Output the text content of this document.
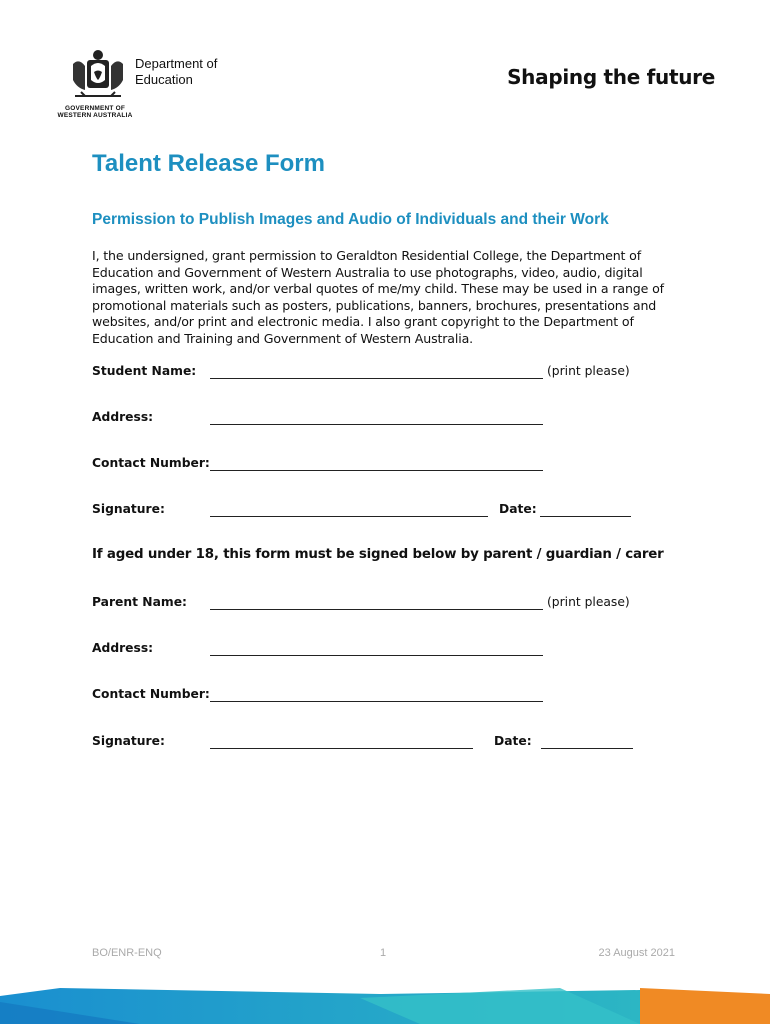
Department of
Education
GOVERNMENT OF
WESTERN AUSTRALIA
Shaping the future
Talent Release Form
Permission to Publish Images and Audio of Individuals and their Work
I, the undersigned, grant permission to Geraldton Residential College, the Department of
Education and Government of Western Australia to use photographs, video, audio, digital
images, written work, and/or verbal quotes of me/my child. These may be used in a range of
promotional materials such as posters, publications, banners, brochures, presentations and
websites, and/or print and electronic media. I also grant copyright to the Department of
Education and Training and Government of Western Australia.
Student Name:	(print please)
Address:
Contact Number:
Signature:	Date:
If aged under 18, this form must be signed below by parent / guardian / carer
Parent Name:	(print please)
Address:
Contact Number:
Signature:	Date:
BO/ENR-ENQ	1	23 August 2021
